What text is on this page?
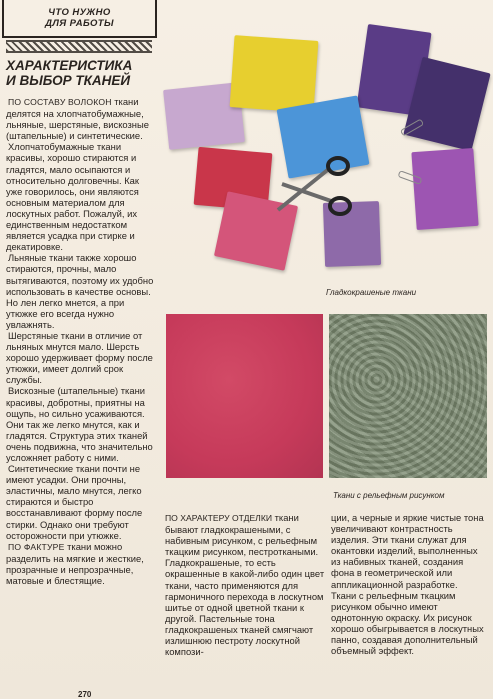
ЧТО НУЖНО
ДЛЯ РАБОТЫ
ХАРАКТЕРИСТИКА
И ВЫБОР ТКАНЕЙ

ПО СОСТАВУ ВОЛОКОН ткани делятся на хлопчатобумажные, льняные, шерстяные, вискозные (штапельные) и синтетические.

Хлопчатобумажные ткани красивы, хорошо стираются и гладятся, мало осыпаются и относительно долговечны. Как уже говорилось, они являются основным материалом для лоскутных работ. Пожалуй, их единственным недостатком является усадка при стирке и декатировке.

Льняные ткани также хорошо стираются, прочны, мало вытягиваются, поэтому их удобно использовать в качестве основы. Но лен легко мнется, а при утюжке его всегда нужно увлажнять.

Шерстяные ткани в отличие от льняных мнутся мало. Шерсть хорошо удерживает форму после утюжки, имеет долгий срок службы.

Вискозные (штапельные) ткани красивы, добротны, приятны на ощупь, но сильно усаживаются. Они так же легко мнутся, как и гладятся. Структура этих тканей очень подвижна, что значительно усложняет работу с ними.

Синтетические ткани почти не имеют усадки. Они прочны, эластичны, мало мнутся, легко стираются и быстро восстанавливают форму после стирки. Однако они требуют осторожности при утюжке.

ПО ФАКТУРЕ ткани можно разделить на мягкие и жесткие, прозрачные и непрозрачные, матовые и блестящие.

Гладкокрашеные ткани
Ткани с рельефным рисунком

ПО ХАРАКТЕРУ ОТДЕЛКИ ткани бывают гладкокрашеными, с набивным рисунком, с рельефным ткацким рисунком, пестроткаными. Гладкокрашеные, то есть окрашенные в какой-либо один цвет ткани, часто применяются для гармоничного перехода в лоскутном шитье от одной цветной ткани к другой. Пастельные тона гладкокрашеных тканей смягчают излишнюю пестроту лоскутной компози-

ции, а черные и яркие чистые тона увеличивают контрастность изделия. Эти ткани служат для окантовки изделий, выполненных из набивных тканей, создания фона в геометрической или аппликационной разработке.

Ткани с рельефным ткацким рисунком обычно имеют однотонную окраску. Их рисунок хорошо обыгрывается в лоскутных панно, создавая дополнительный объемный эффект.

270
